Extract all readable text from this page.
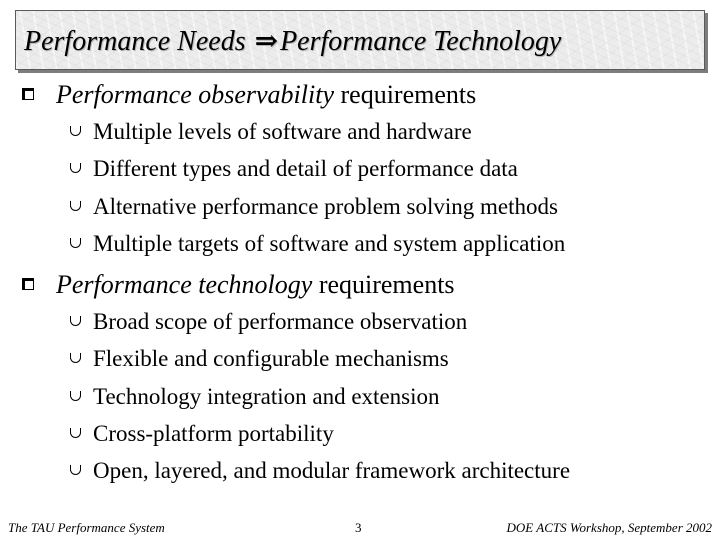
Performance Needs ⇒Performance Technology
Performance observability requirements
Multiple levels of software and hardware
Different types and detail of performance data
Alternative performance problem solving methods
Multiple targets of software and system application
Performance technology requirements
Broad scope of performance observation
Flexible and configurable mechanisms
Technology integration and extension
Cross-platform portability
Open, layered, and modular framework architecture
The TAU Performance System	3	DOE ACTS Workshop, September 2002
